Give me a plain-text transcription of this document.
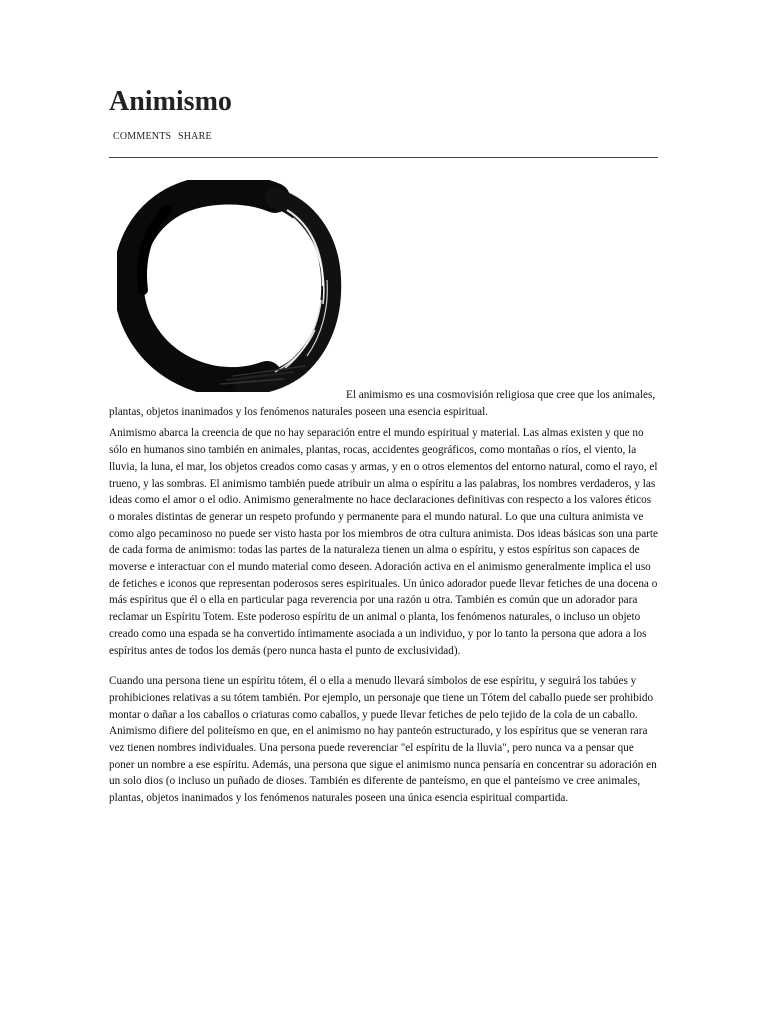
Animismo
COMMENTS SHARE

El animismo es una cosmovisión religiosa que cree que los animales, plantas, objetos inanimados y los fenómenos naturales poseen una esencia espiritual.

Animismo abarca la creencia de que no hay separación entre el mundo espiritual y material. Las almas existen y que no sólo en humanos sino también en animales, plantas, rocas, accidentes geográficos, como montañas o ríos, el viento, la lluvia, la luna, el mar, los objetos creados como casas y armas, y en o otros elementos del entorno natural, como el rayo, el trueno, y las sombras. El animismo también puede atribuir un alma o espíritu a las palabras, los nombres verdaderos, y las ideas como el amor o el odio. Animismo generalmente no hace declaraciones definitivas con respecto a los valores éticos o morales distintas de generar un respeto profundo y permanente para el mundo natural. Lo que una cultura animista ve como algo pecaminoso no puede ser visto hasta por los miembros de otra cultura animista. Dos ideas básicas son una parte de cada forma de animismo: todas las partes de la naturaleza tienen un alma o espíritu, y estos espíritus son capaces de moverse e interactuar con el mundo material como deseen. Adoración activa en el animismo generalmente implica el uso de fetiches e iconos que representan poderosos seres espirituales. Un único adorador puede llevar fetiches de una docena o más espíritus que él o ella en particular paga reverencia por una razón u otra. También es común que un adorador para reclamar un Espíritu Totem. Este poderoso espíritu de un animal o planta, los fenómenos naturales, o incluso un objeto creado como una espada se ha convertido íntimamente asociada a un individuo, y por lo tanto la persona que adora a los espíritus antes de todos los demás (pero nunca hasta el punto de exclusividad).

Cuando una persona tiene un espíritu tótem, él o ella a menudo llevará símbolos de ese espíritu, y seguirá los tabúes y prohibiciones relativas a su tótem también. Por ejemplo, un personaje que tiene un Tótem del caballo puede ser prohibido montar o dañar a los caballos o criaturas como caballos, y puede llevar fetiches de pelo tejido de la cola de un caballo. Animismo difiere del politeísmo en que, en el animismo no hay panteón estructurado, y los espíritus que se veneran rara vez tienen nombres individuales. Una persona puede reverenciar "el espíritu de la lluvia", pero nunca va a pensar que poner un nombre a ese espíritu. Además, una persona que sigue el animismo nunca pensaría en concentrar su adoración en un solo dios (o incluso un puñado de dioses. También es diferente de panteísmo, en que el panteísmo ve cree animales, plantas, objetos inanimados y los fenómenos naturales poseen una única esencia espiritual compartida.
